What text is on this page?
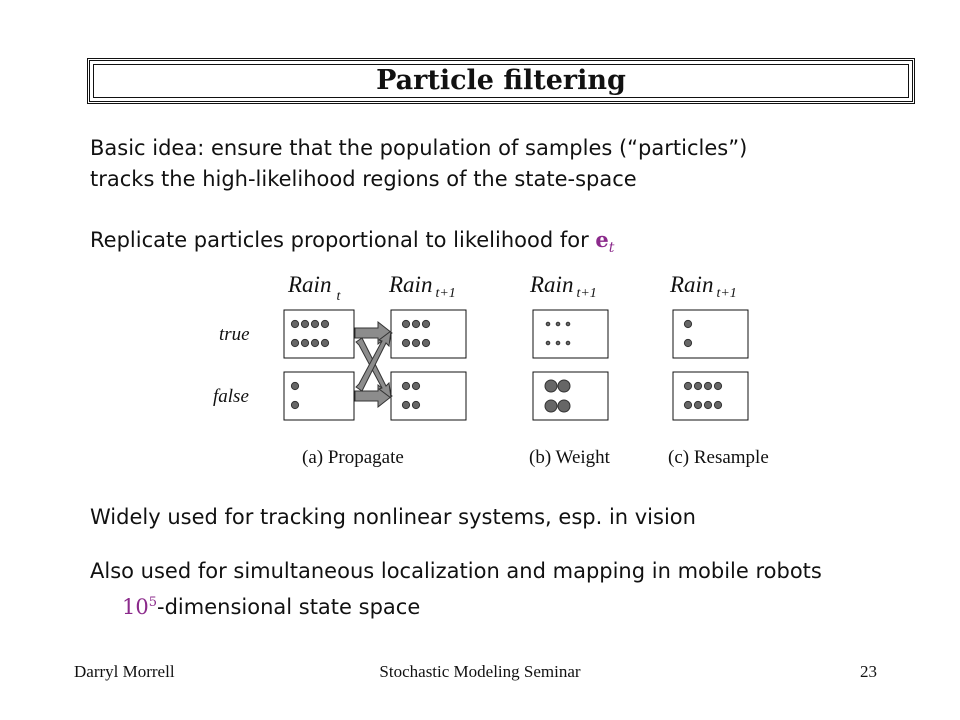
Particle filtering
Basic idea: ensure that the population of samples (“particles”)
tracks the high-likelihood regions of the state-space
Replicate particles proportional to likelihood for $e_t$
Rain $_t$ Rain $_{t+1}$	Rain $_{t+1}$	Rain $_{t+1}$
true
false
(a) Propagate	(b) Weight	(c) Resample
Widely used for tracking nonlinear systems, esp. in vision
Also used for simultaneous localization and mapping in mobile robots
$10^5$-dimensional state space
Darryl Morrell	Stochastic Modeling Seminar	23
